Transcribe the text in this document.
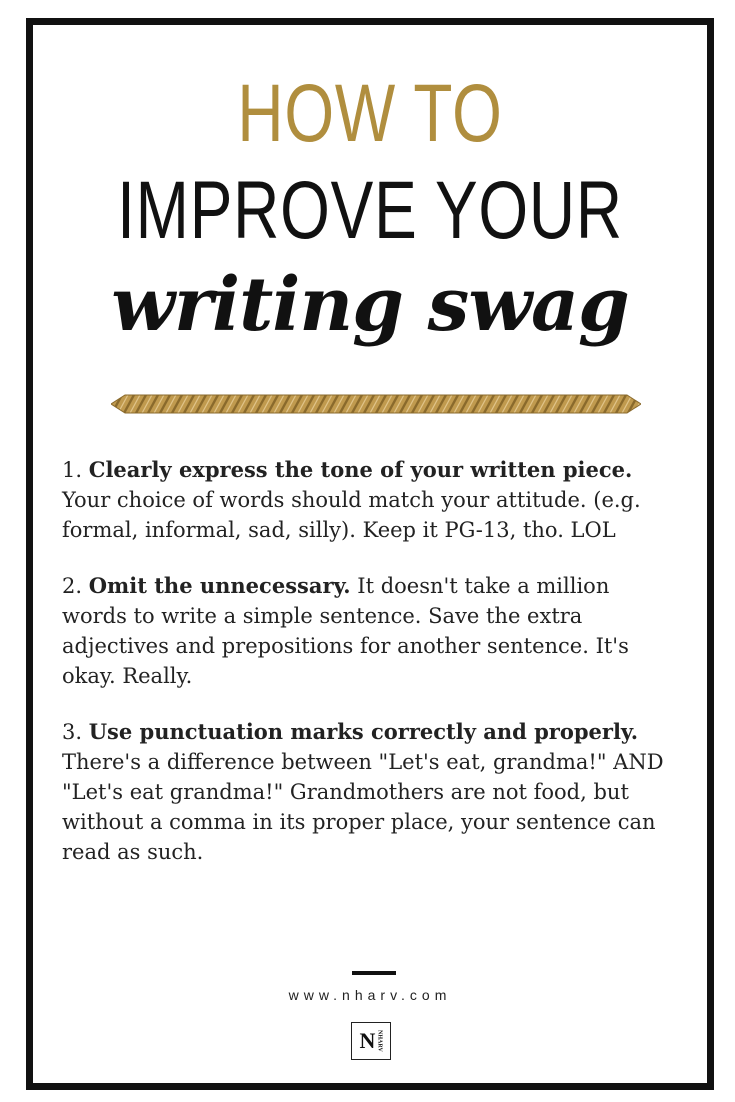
HOW TO
IMPROVE YOUR
writing swag

1. Clearly express the tone of your written piece. Your choice of words should match your attitude. (e.g. formal, informal, sad, silly). Keep it PG-13, tho. LOL

2. Omit the unnecessary. It doesn't take a million words to write a simple sentence. Save the extra adjectives and prepositions for another sentence. It's okay. Really.

3. Use punctuation marks correctly and properly. There's a difference between "Let's eat, grandma!" AND "Let's eat grandma!" Grandmothers are not food, but without a comma in its proper place, your sentence can read as such.

www.nharv.com
N NHARV
